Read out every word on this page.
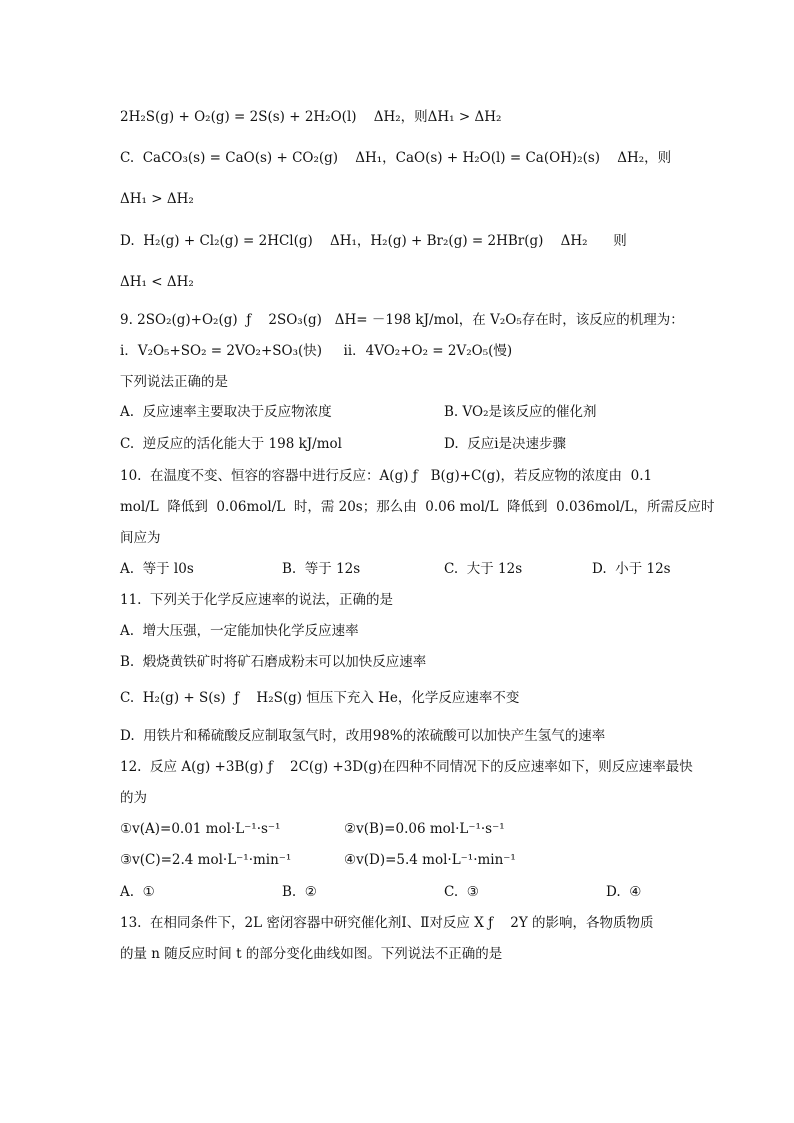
2H₂S(g) + O₂(g) = 2S(s) + 2H₂O(l)    ΔH₂，则ΔH₁ > ΔH₂
C.  CaCO₃(s) = CaO(s) + CO₂(g)    ΔH₁，CaO(s) + H₂O(l) = Ca(OH)₂(s)    ΔH₂，则
ΔH₁ > ΔH₂
D.  H₂(g) + Cl₂(g) = 2HCl(g)    ΔH₁，H₂(g) + Br₂(g) = 2HBr(g)    ΔH₂      则
ΔH₁ < ΔH₂
9. 2SO₂(g)+O₂(g)  ƒ    2SO₃(g)   ΔH= －198 kJ/mol，在 V₂O₅存在时，该反应的机理为：
ⅰ．V₂O₅+SO₂ = 2VO₂+SO₃(快)     ⅱ．4VO₂+O₂ = 2V₂O₅(慢)
下列说法正确的是
A.  反应速率主要取决于反应物浓度	B. VO₂是该反应的催化剂
C.  逆反应的活化能大于 198 kJ/mol	D.  反应ⅰ是决速步骤
10.  在温度不变、恒容的容器中进行反应：A(g) ƒ   B(g)+C(g)，若反应物的浓度由  0.1
mol/L  降低到  0.06mol/L  时，需 20s；那么由  0.06 mol/L  降低到  0.036mol/L，所需反应时
间应为
A.  等于 l0s	B.  等于 12s	C.  大于 12s	D.  小于 12s
11.  下列关于化学反应速率的说法，正确的是
A.  增大压强，一定能加快化学反应速率
B.  煅烧黄铁矿时将矿石磨成粉末可以加快反应速率
C.  H₂(g) + S(s)  ƒ    H₂S(g) 恒压下充入 He，化学反应速率不变
D.  用铁片和稀硫酸反应制取氢气时，改用98%的浓硫酸可以加快产生氢气的速率
12.  反应 A(g) +3B(g) ƒ    2C(g) +3D(g)在四种不同情况下的反应速率如下，则反应速率最快
的为
①v(A)=0.01 mol·L⁻¹·s⁻¹	②v(B)=0.06 mol·L⁻¹·s⁻¹
③v(C)=2.4 mol·L⁻¹·min⁻¹	④v(D)=5.4 mol·L⁻¹·min⁻¹
A.  ①	B.  ②	C.  ③	D.  ④
13.  在相同条件下，2L 密闭容器中研究催化剂Ⅰ、Ⅱ对反应 X ƒ    2Y 的影响，各物质物质
的量 n 随反应时间 t 的部分变化曲线如图。下列说法不正确的是
